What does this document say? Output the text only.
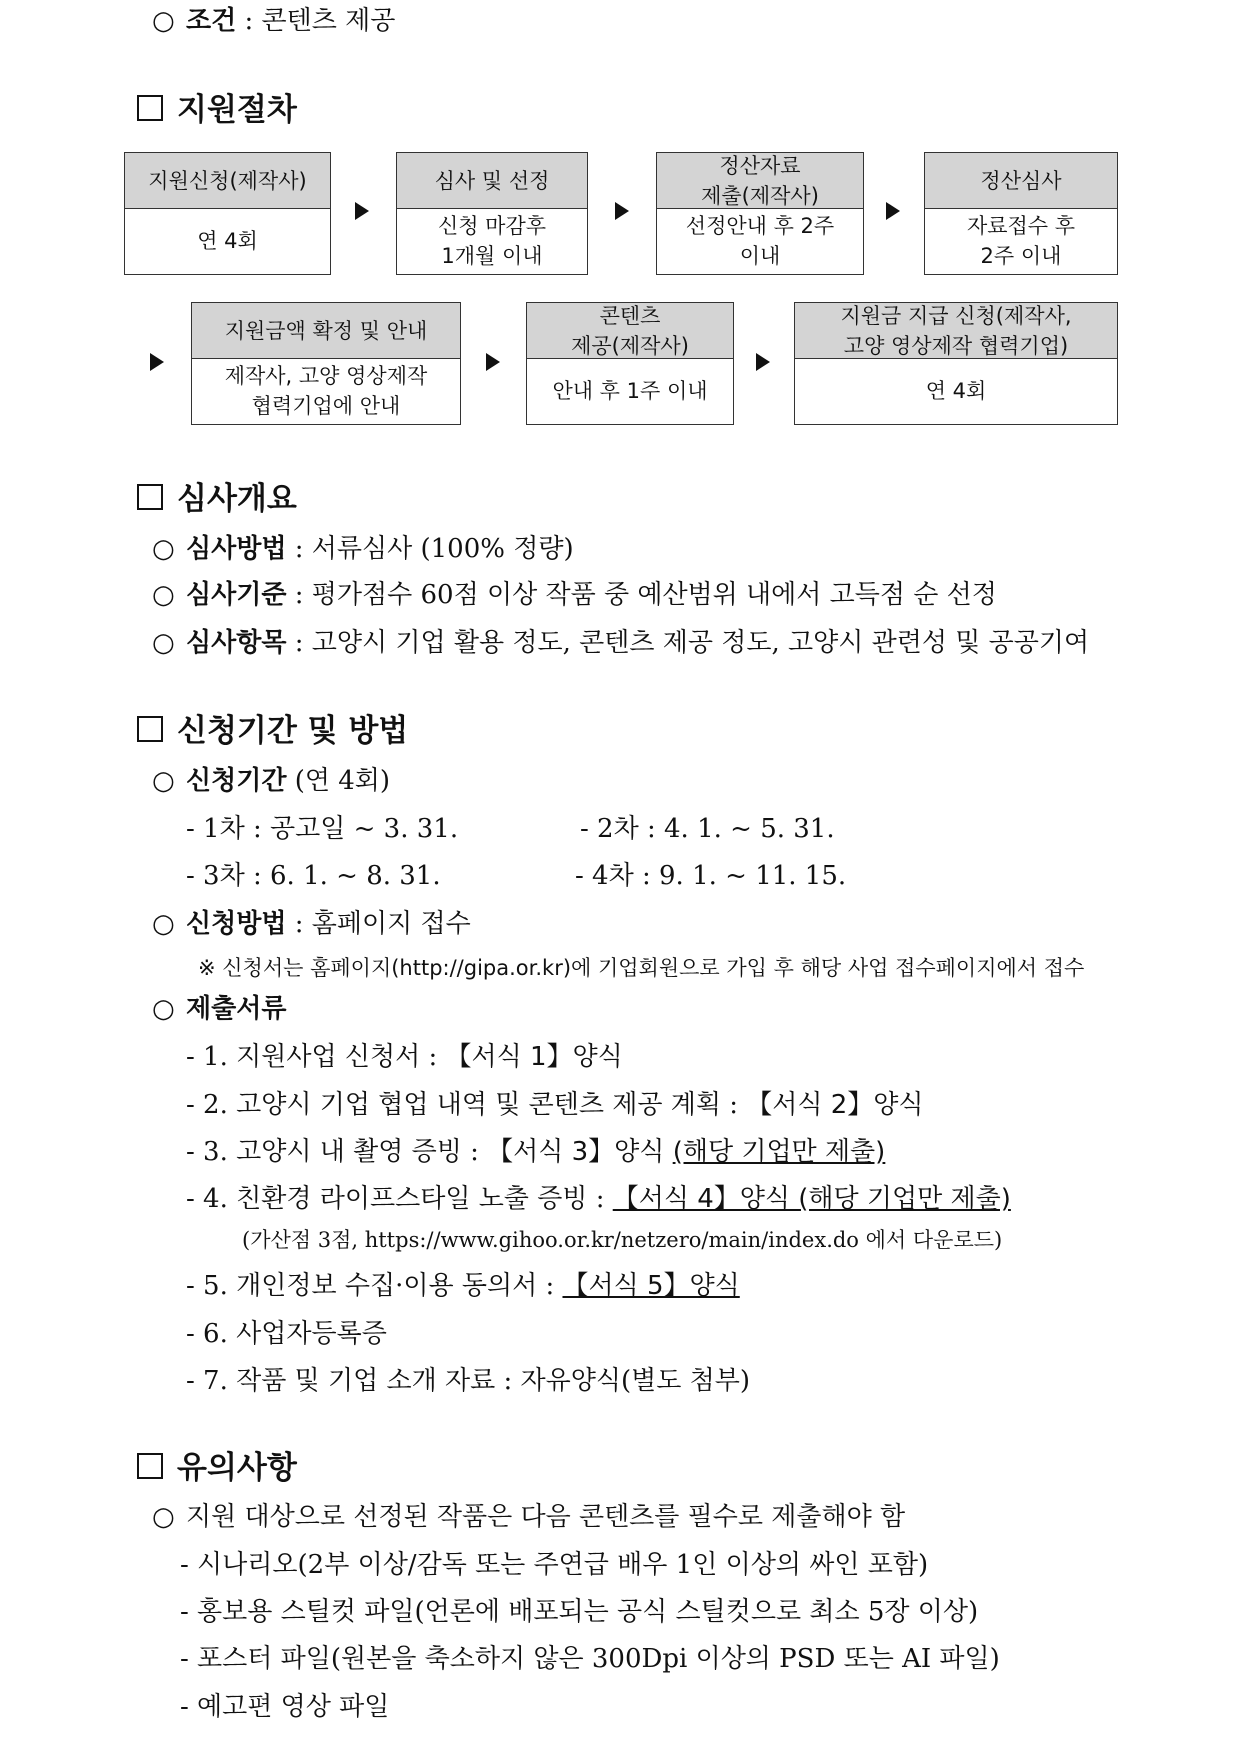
○ 조건 : 콘텐츠 제공
지원절차
지원신청(제작사)
연 4회
심사 및 선정
신청 마감후
1개월 이내
정산자료
제출(제작사)
선정안내 후 2주
이내
정산심사
자료접수 후
2주 이내
지원금액 확정 및 안내
제작사, 고양 영상제작
협력기업에 안내
콘텐츠
제공(제작사)
안내 후 1주 이내
지원금 지급 신청(제작사,
고양 영상제작 협력기업)
연 4회
심사개요
○ 심사방법 : 서류심사 (100% 정량)
○ 심사기준 : 평가점수 60점 이상 작품 중 예산범위 내에서 고득점 순 선정
○ 심사항목 : 고양시 기업 활용 정도, 콘텐츠 제공 정도, 고양시 관련성 및 공공기여
신청기간 및 방법
○ 신청기간 (연 4회)
- 1차 : 공고일 ~ 3. 31.	- 2차 : 4. 1. ~ 5. 31.
- 3차 : 6. 1. ~ 8. 31.	- 4차 : 9. 1. ~ 11. 15.
○ 신청방법 : 홈페이지 접수
※ 신청서는 홈페이지(http://gipa.or.kr)에 기업회원으로 가입 후 해당 사업 접수페이지에서 접수
○ 제출서류
- 1. 지원사업 신청서 : 【서식 1】양식
- 2. 고양시 기업 협업 내역 및 콘텐츠 제공 계획 : 【서식 2】양식
- 3. 고양시 내 촬영 증빙 : 【서식 3】양식 (해당 기업만 제출)
- 4. 친환경 라이프스타일 노출 증빙 : 【서식 4】양식 (해당 기업만 제출)
(가산점 3점, https://www.gihoo.or.kr/netzero/main/index.do 에서 다운로드)
- 5. 개인정보 수집·이용 동의서 : 【서식 5】양식
- 6. 사업자등록증
- 7. 작품 및 기업 소개 자료 : 자유양식(별도 첨부)
유의사항
○ 지원 대상으로 선정된 작품은 다음 콘텐츠를 필수로 제출해야 함
- 시나리오(2부 이상/감독 또는 주연급 배우 1인 이상의 싸인 포함)
- 홍보용 스틸컷 파일(언론에 배포되는 공식 스틸컷으로 최소 5장 이상)
- 포스터 파일(원본을 축소하지 않은 300Dpi 이상의 PSD 또는 AI 파일)
- 예고편 영상 파일
